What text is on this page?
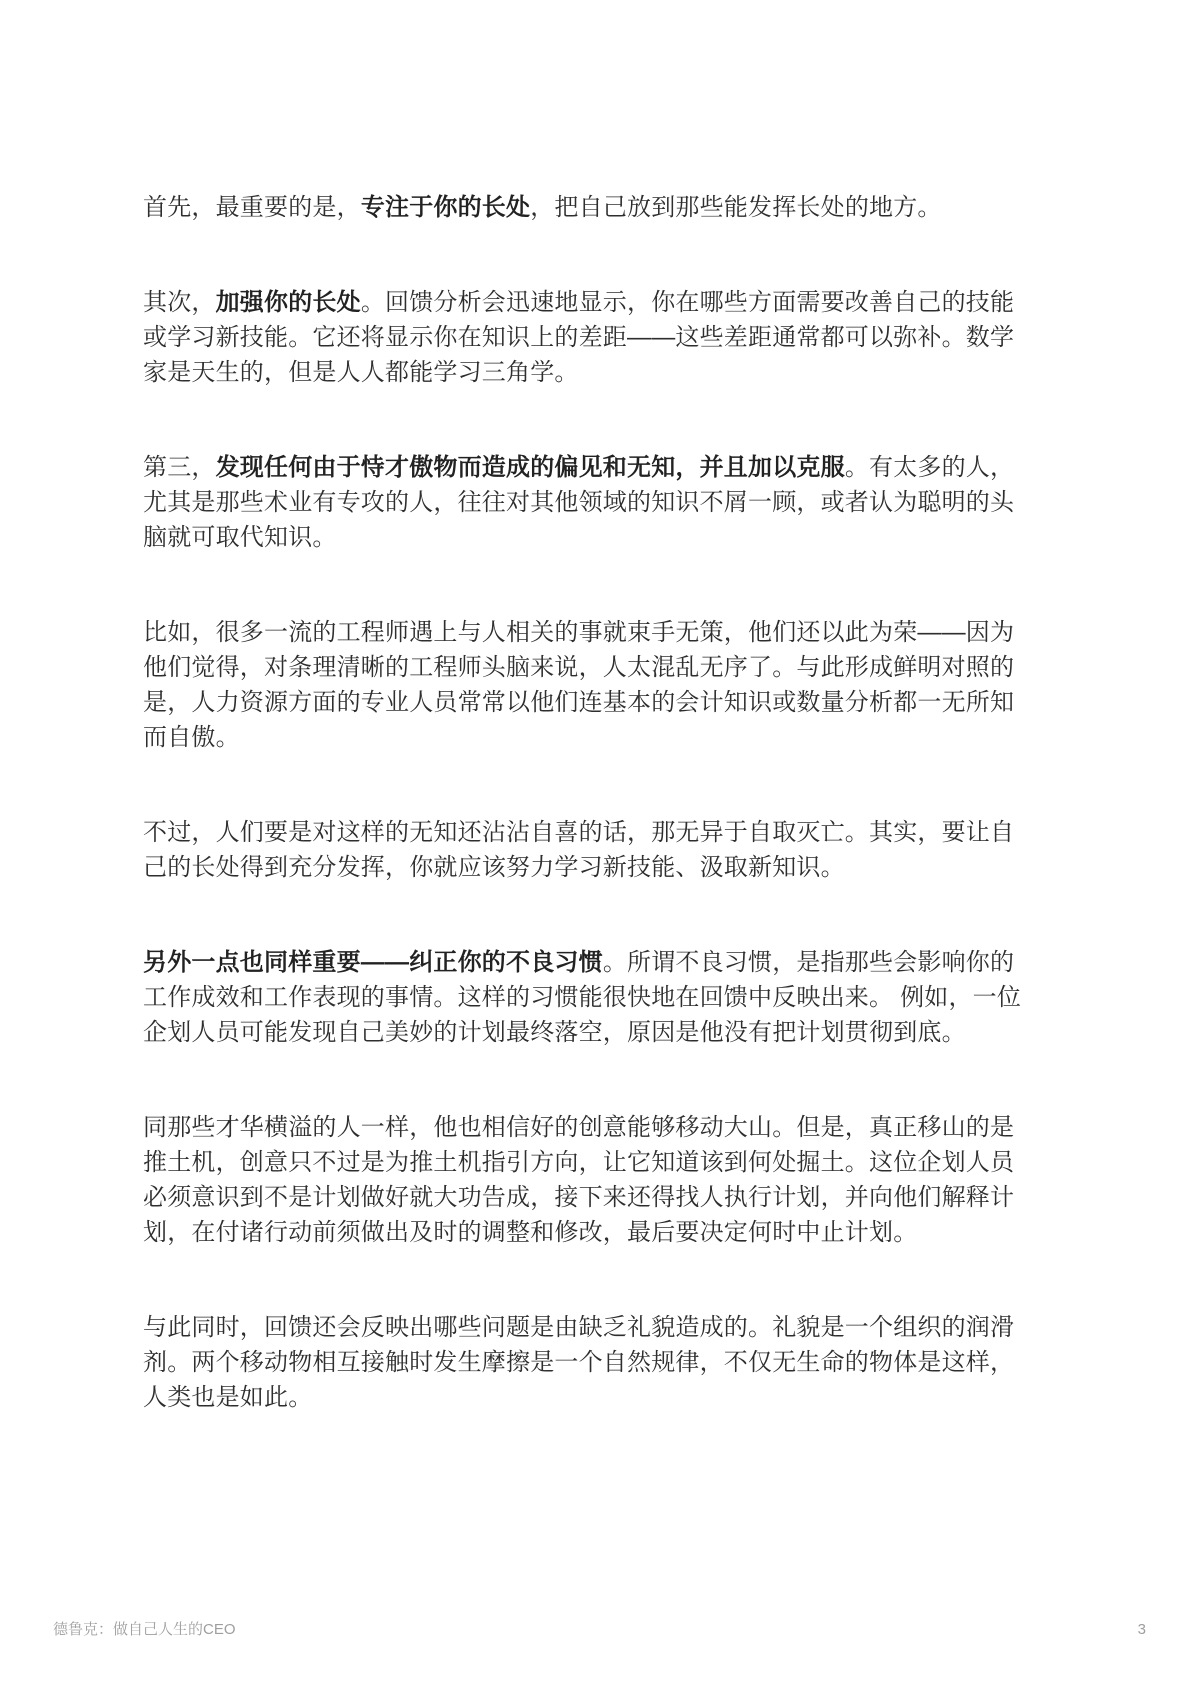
首先，最重要的是，专注于你的长处，把自己放到那些能发挥长处的地方。

其次，加强你的长处。回馈分析会迅速地显示，你在哪些方面需要改善自己的技能或学习新技能。它还将显示你在知识上的差距——这些差距通常都可以弥补。数学家是天生的，但是人人都能学习三角学。

第三，发现任何由于恃才傲物而造成的偏见和无知，并且加以克服。有太多的人，尤其是那些术业有专攻的人，往往对其他领域的知识不屑一顾，或者认为聪明的头脑就可取代知识。

比如，很多一流的工程师遇上与人相关的事就束手无策，他们还以此为荣——因为他们觉得，对条理清晰的工程师头脑来说，人太混乱无序了。与此形成鲜明对照的是，人力资源方面的专业人员常常以他们连基本的会计知识或数量分析都一无所知而自傲。

不过，人们要是对这样的无知还沾沾自喜的话，那无异于自取灭亡。其实，要让自己的长处得到充分发挥，你就应该努力学习新技能、汲取新知识。

另外一点也同样重要——纠正你的不良习惯。所谓不良习惯，是指那些会影响你的工作成效和工作表现的事情。这样的习惯能很快地在回馈中反映出来。 例如，一位企划人员可能发现自己美妙的计划最终落空，原因是他没有把计划贯彻到底。

同那些才华横溢的人一样，他也相信好的创意能够移动大山。但是，真正移山的是推土机，创意只不过是为推土机指引方向，让它知道该到何处掘土。这位企划人员必须意识到不是计划做好就大功告成，接下来还得找人执行计划，并向他们解释计划，在付诸行动前须做出及时的调整和修改，最后要决定何时中止计划。

与此同时，回馈还会反映出哪些问题是由缺乏礼貌造成的。礼貌是一个组织的润滑剂。两个移动物相互接触时发生摩擦是一个自然规律，不仅无生命的物体是这样，人类也是如此。

德鲁克：做自己人生的CEO	3
